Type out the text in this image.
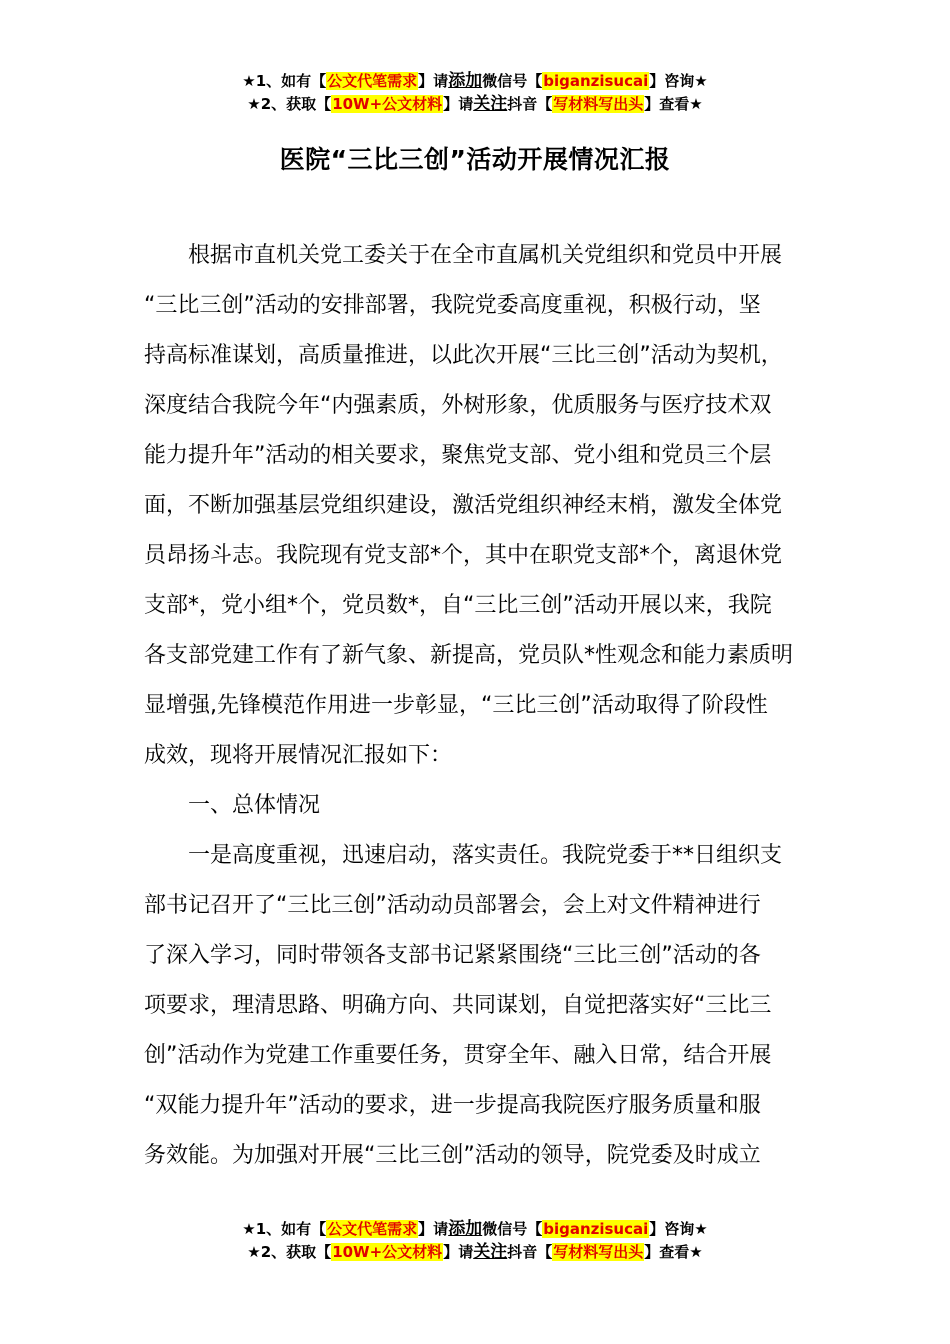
★1、如有【公文代笔需求】请添加微信号【biganzisucai】咨询★
★2、获取【10W+公文材料】请关注抖音【写材料写出头】查看★
医院“三比三创”活动开展情况汇报
根据市直机关党工委关于在全市直属机关党组织和党员中开展
“三比三创”活动的安排部署，我院党委高度重视，积极行动，坚
持高标准谋划，高质量推进，以此次开展“三比三创”活动为契机，
深度结合我院今年“内强素质，外树形象，优质服务与医疗技术双
能力提升年”活动的相关要求，聚焦党支部、党小组和党员三个层
面，不断加强基层党组织建设，激活党组织神经末梢，激发全体党
员昂扬斗志。我院现有党支部*个，其中在职党支部*个，离退休党
支部*，党小组*个，党员数*，自“三比三创”活动开展以来，我院
各支部党建工作有了新气象、新提高，党员队*性观念和能力素质明
显增强,先锋模范作用进一步彰显，“三比三创”活动取得了阶段性
成效，现将开展情况汇报如下：
一、总体情况
一是高度重视，迅速启动，落实责任。我院党委于**日组织支
部书记召开了“三比三创”活动动员部署会，会上对文件精神进行
了深入学习，同时带领各支部书记紧紧围绕“三比三创”活动的各
项要求，理清思路、明确方向、共同谋划，自觉把落实好“三比三
创”活动作为党建工作重要任务，贯穿全年、融入日常，结合开展
“双能力提升年”活动的要求，进一步提高我院医疗服务质量和服
务效能。为加强对开展“三比三创”活动的领导，院党委及时成立
★1、如有【公文代笔需求】请添加微信号【biganzisucai】咨询★
★2、获取【10W+公文材料】请关注抖音【写材料写出头】查看★
